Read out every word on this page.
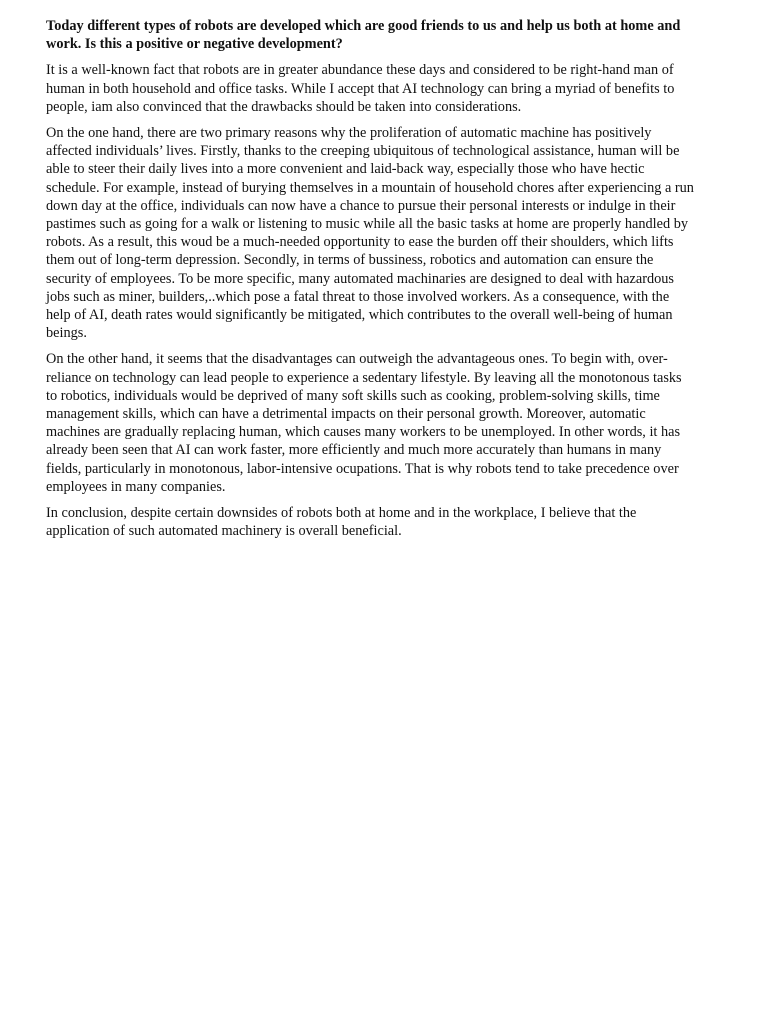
Today different types of robots are developed which are good friends to us and help us both at home and work. Is this a positive or negative development?

It is a well-known fact that robots are in greater abundance these days and considered to be right-hand man of human in both household and office tasks. While I accept that AI technology can bring a myriad of benefits to people, iam also convinced that the drawbacks should be taken into considerations.

On the one hand, there are two primary reasons why the proliferation of automatic machine has positively affected individuals’ lives. Firstly, thanks to the creeping ubiquitous of technological assistance, human will be able to steer their daily lives into a more convenient and laid-back way, especially those who have hectic schedule. For example, instead of burying themselves in a mountain of household chores after experiencing a run down day at the office, individuals can now have a chance to pursue their personal interests or indulge in their pastimes such as going for a walk or listening to music while all the basic tasks at home are properly handled by robots. As a result, this woud be a much-needed opportunity to ease the burden off their shoulders, which lifts them out of long-term depression. Secondly, in terms of bussiness, robotics and automation can ensure the security of employees. To be more specific, many automated machinaries are designed to deal with hazardous jobs such as miner, builders,..which pose a fatal threat to those involved workers. As a consequence, with the help of AI, death rates would significantly be mitigated, which contributes to the overall well-being of human beings.

On the other hand, it seems that the disadvantages can outweigh the advantageous ones. To begin with, over-reliance on technology can lead people to experience a sedentary lifestyle. By leaving all the monotonous tasks to robotics, individuals would be deprived of many soft skills such as cooking, problem-solving skills, time management skills, which can have a detrimental impacts on their personal growth. Moreover, automatic machines are gradually replacing human, which causes many workers to be unemployed. In other words, it has already been seen that AI can work faster, more efficiently and much more accurately than humans in many fields, particularly in monotonous, labor-intensive ocupations. That is why robots tend to take precedence over employees in many companies.

In conclusion, despite certain downsides of robots both at home and in the workplace, I believe that the application of such automated machinery is overall beneficial.
